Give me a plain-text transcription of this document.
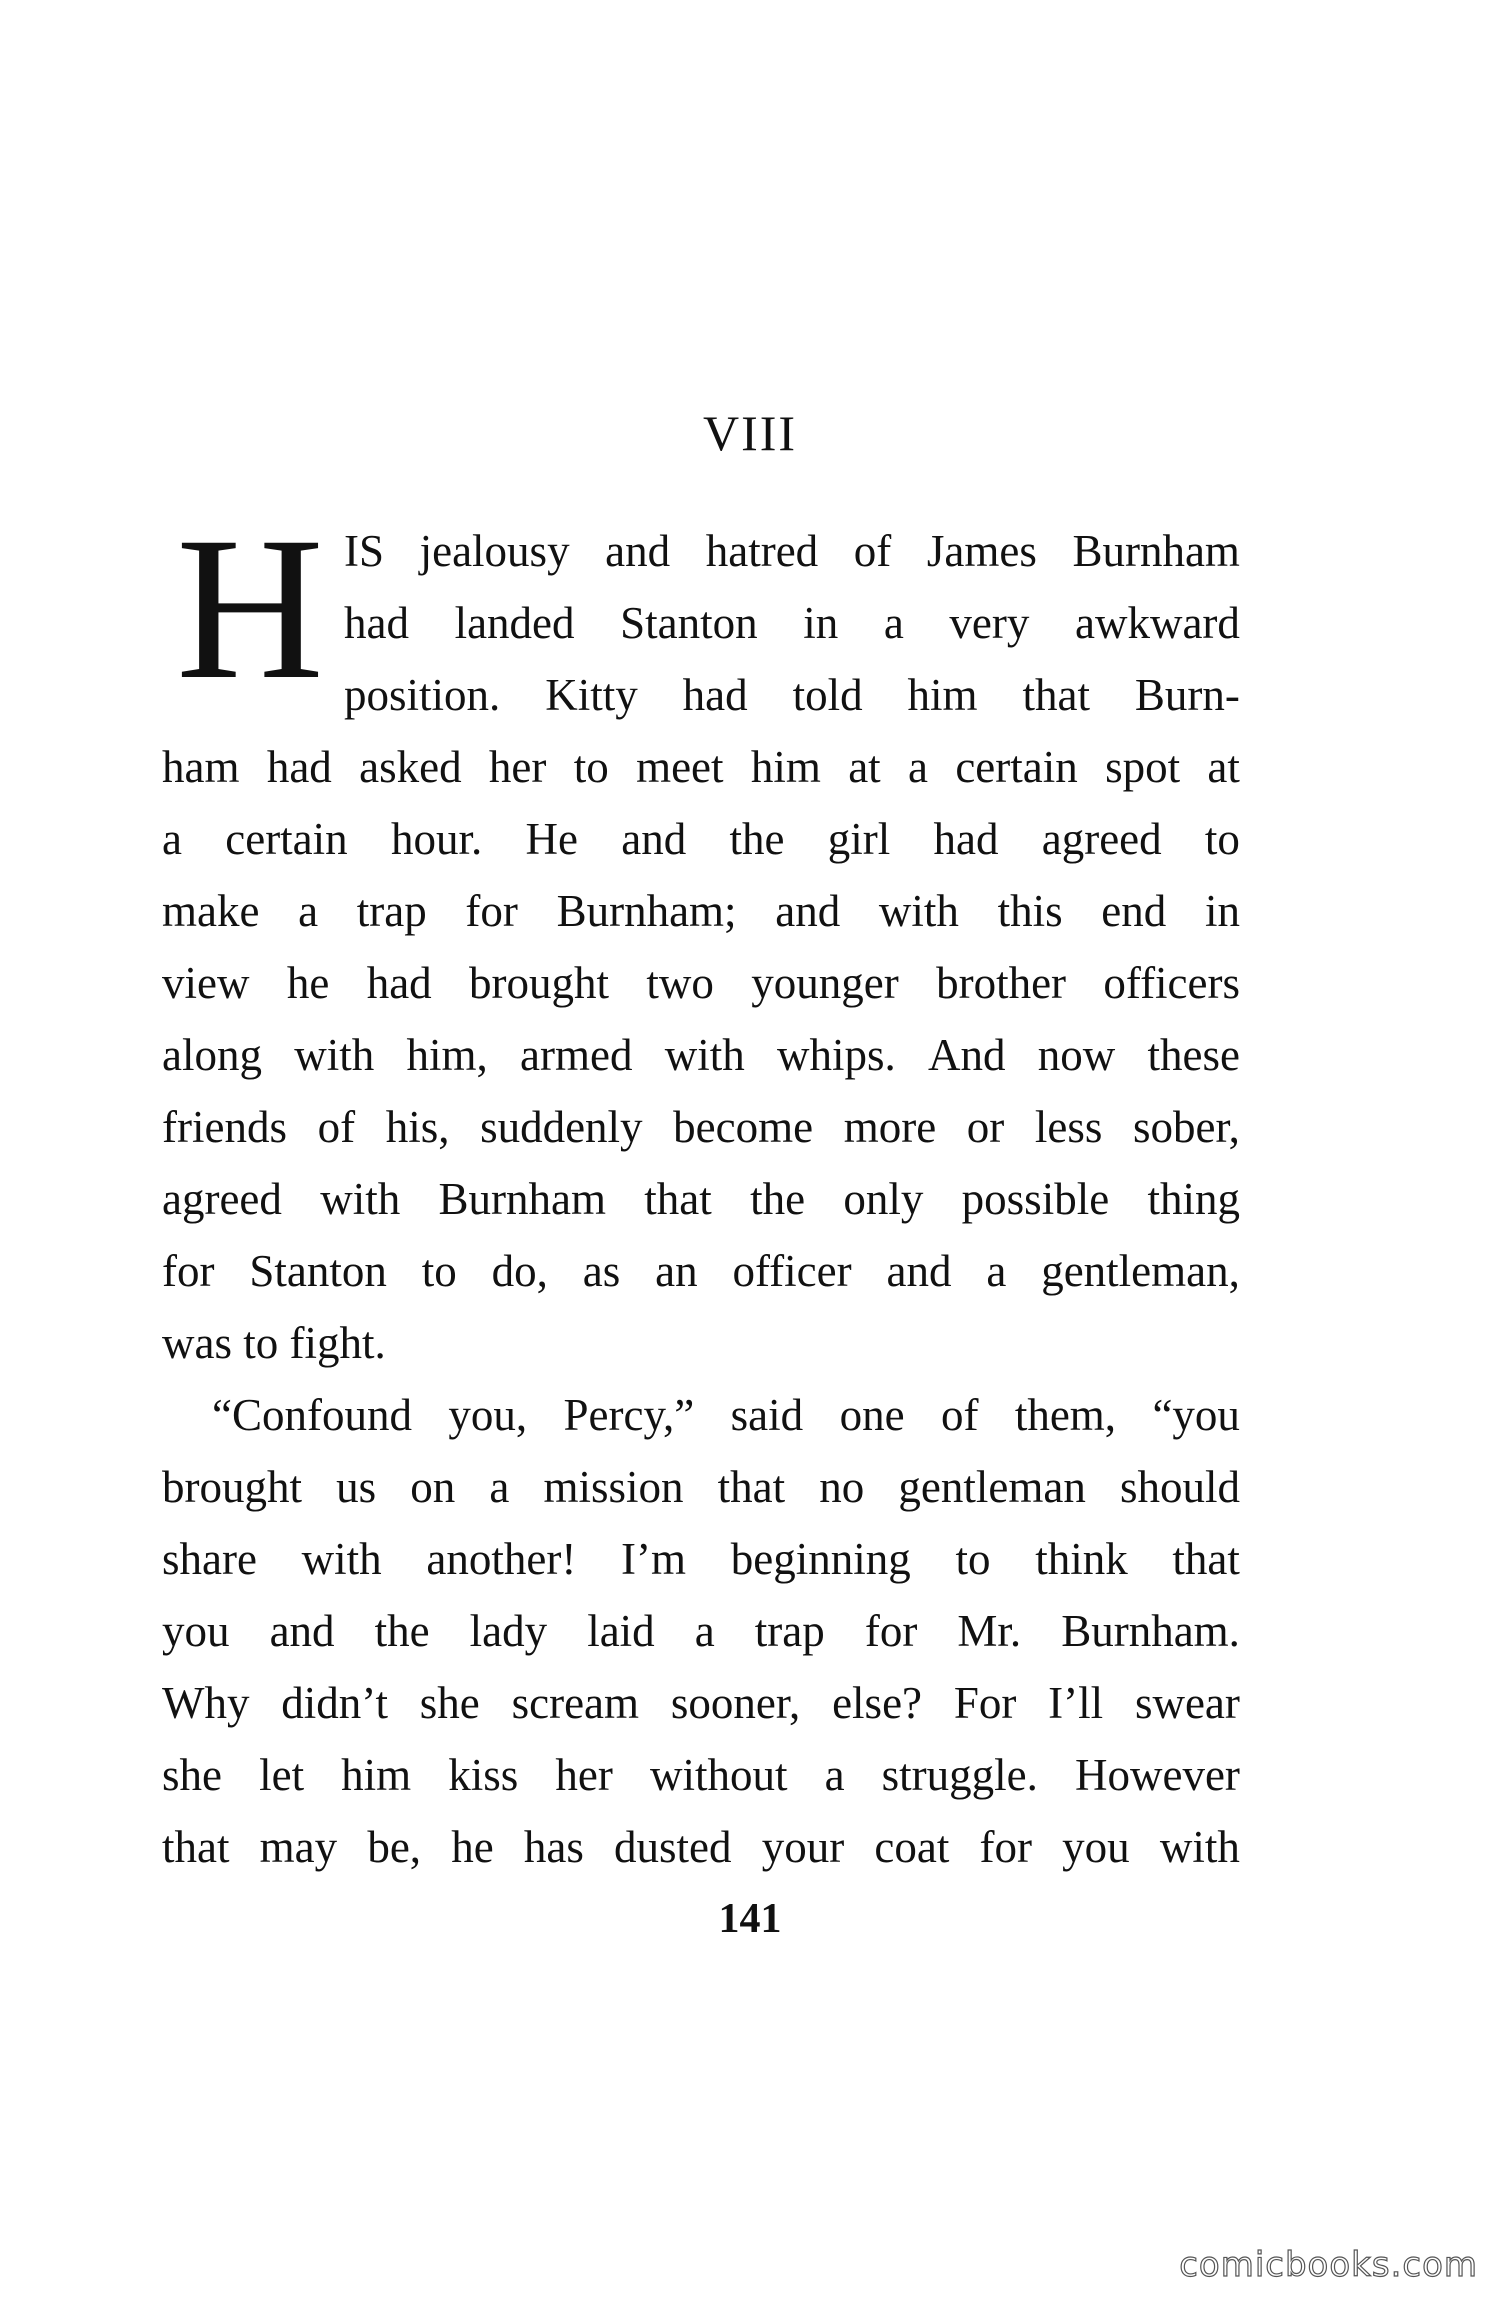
VIII
H IS jealousy and hatred of James Burnham
had landed Stanton in a very awkward
position. Kitty had told him that Burn-
ham had asked her to meet him at a certain spot at
a certain hour. He and the girl had agreed to
make a trap for Burnham; and with this end in
view he had brought two younger brother officers
along with him, armed with whips. And now these
friends of his, suddenly become more or less sober,
agreed with Burnham that the only possible thing
for Stanton to do, as an officer and a gentleman,
was to fight.
“Confound you, Percy,” said one of them, “you
brought us on a mission that no gentleman should
share with another! I’m beginning to think that
you and the lady laid a trap for Mr. Burnham.
Why didn’t she scream sooner, else? For I’ll swear
she let him kiss her without a struggle. However
that may be, he has dusted your coat for you with
141
comicbooks.com
